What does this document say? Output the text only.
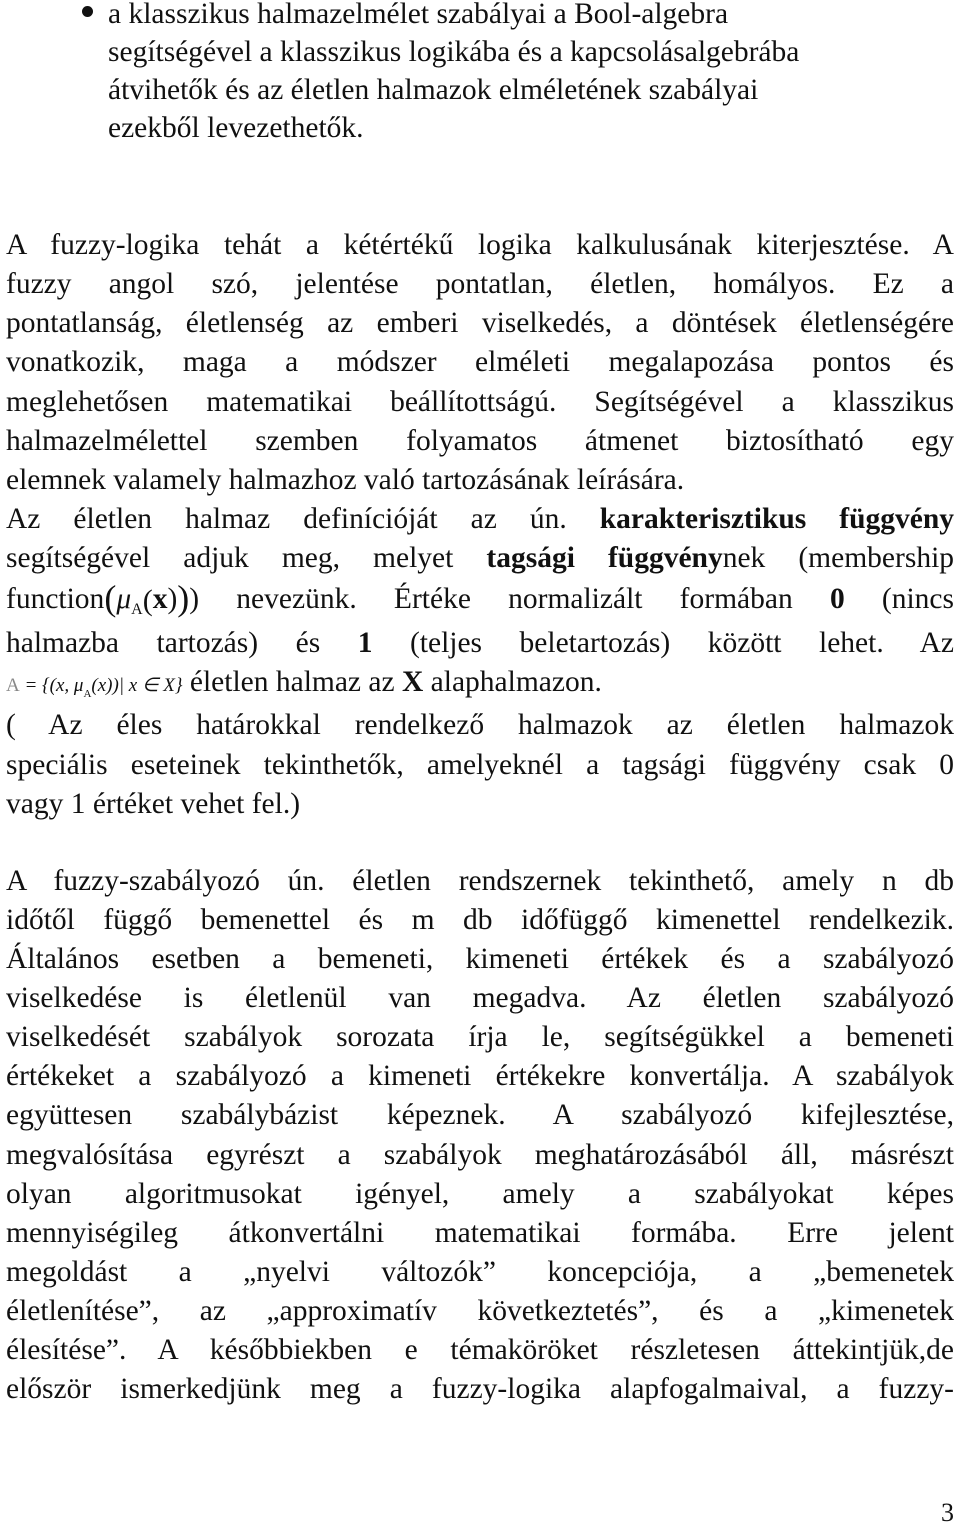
a klasszikus halmazelmélet szabályai a Bool-algebra
segítségével a klasszikus logikába és a kapcsolásalgebrába
átvihetők és az életlen halmazok elméletének szabályai
ezekből levezethetők.
A fuzzy-logika tehát a kétértékű logika kalkulusának kiterjesztése. A
fuzzy angol szó, jelentése pontatlan, életlen, homályos. Ez a
pontatlanság, életlenség az emberi viselkedés, a döntések életlenségére
vonatkozik, maga a módszer elméleti megalapozása pontos és
meglehetősen matematikai beállítottságú. Segítségével a klasszikus
halmazelmélettel szemben folyamatos átmenet biztosítható egy
elemnek valamely halmazhoz való tartozásának leírására.
Az életlen halmaz definícióját az ún. karakterisztikus függvény
segítségével adjuk meg, melyet tagsági függvénynek (membership
$function(\mu_A(x))$) nevezünk. Értéke normalizált formában 0 (nincs
halmazba tartozás) és 1 (teljes beletartozás) között lehet. Az
A = {(x, $\mu_A(x))|$ x ∈ X} életlen halmaz az X alaphalmazon.
( Az éles határokkal rendelkező halmazok az életlen halmazok
speciális eseteinek tekinthetők, amelyeknél a tagsági függvény csak 0
vagy 1 értéket vehet fel.)
A fuzzy-szabályozó ún. életlen rendszernek tekinthető, amely n db
időtől függő bemenettel és m db időfüggő kimenettel rendelkezik.
Általános esetben a bemeneti, kimeneti értékek és a szabályozó
viselkedése is életlenül van megadva. Az életlen szabályozó
viselkedését szabályok sorozata írja le, segítségükkel a bemeneti
értékeket a szabályozó a kimeneti értékekre konvertálja. A szabályok
együttesen szabálybázist képeznek. A szabályozó kifejlesztése,
megvalósítása egyrészt a szabályok meghatározásából áll, másrészt
olyan algoritmusokat igényel, amely a szabályokat képes
mennyiségileg átkonvertálni matematikai formába. Erre jelent
megoldást a „nyelvi változók” koncepciója, a „bemenetek
életlenítése”, az „approximatív következtetés”, és a „kimenetek
élesítése”. A későbbiekben e témaköröket részletesen áttekintjük,de
először ismerkedjünk meg a fuzzy-logika alapfogalmaival, a fuzzy-
3
